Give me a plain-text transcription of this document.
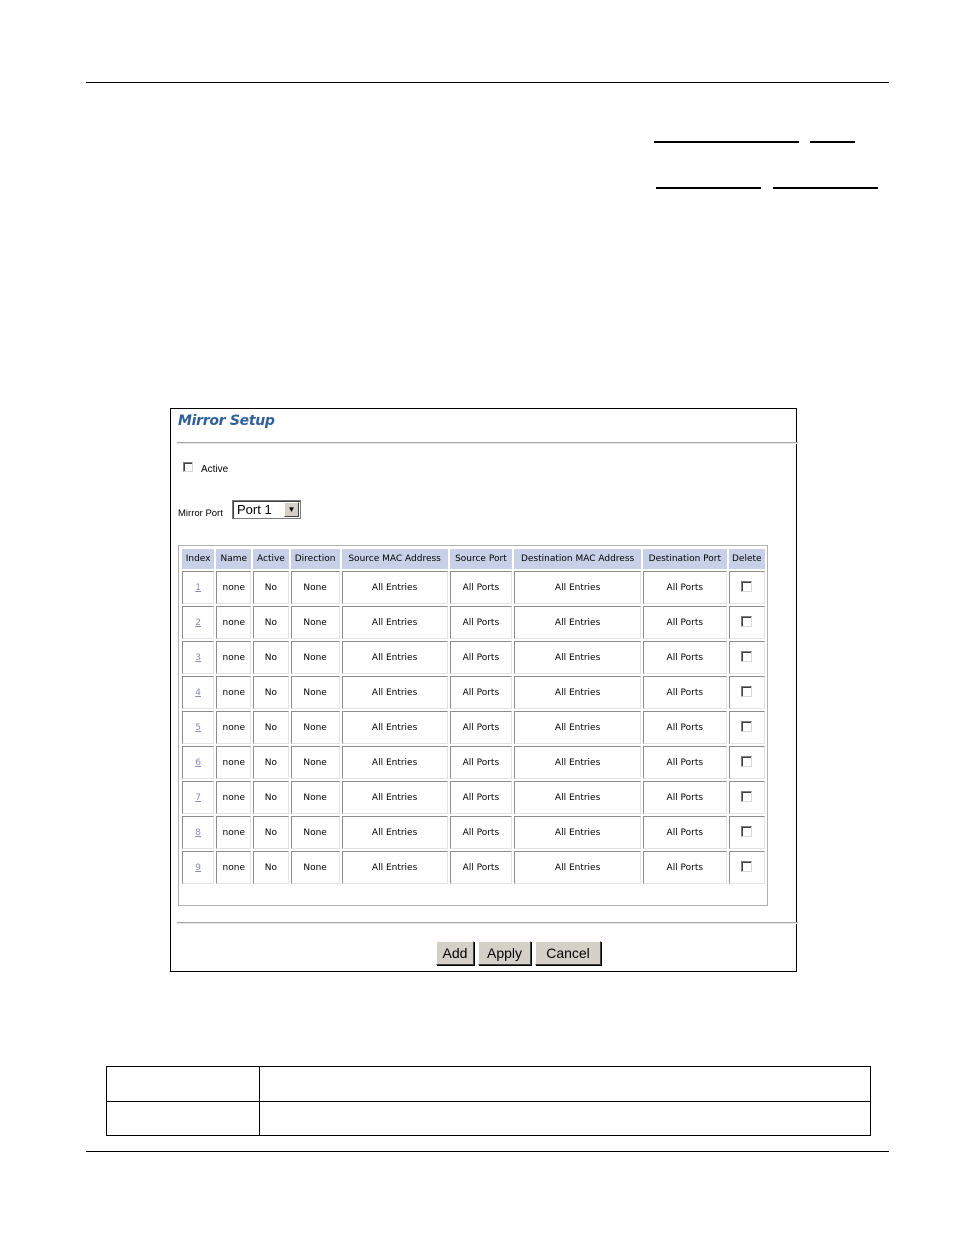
Mirror Setup
Active
Mirror Port Port 1	▼
Index	Name	Active	Direction	Source MAC Address	Source Port	Destination MAC Address	Destination Port	Delete
1	none	No	None	All Entries	All Ports	All Entries	All Ports	
2	none	No	None	All Entries	All Ports	All Entries	All Ports	
3	none	No	None	All Entries	All Ports	All Entries	All Ports	
4	none	No	None	All Entries	All Ports	All Entries	All Ports	
5	none	No	None	All Entries	All Ports	All Entries	All Ports	
6	none	No	None	All Entries	All Ports	All Entries	All Ports	
7	none	No	None	All Entries	All Ports	All Entries	All Ports	
8	none	No	None	All Entries	All Ports	All Entries	All Ports	
9	none	No	None	All Entries	All Ports	All Entries	All Ports	
Add	Apply	Cancel
